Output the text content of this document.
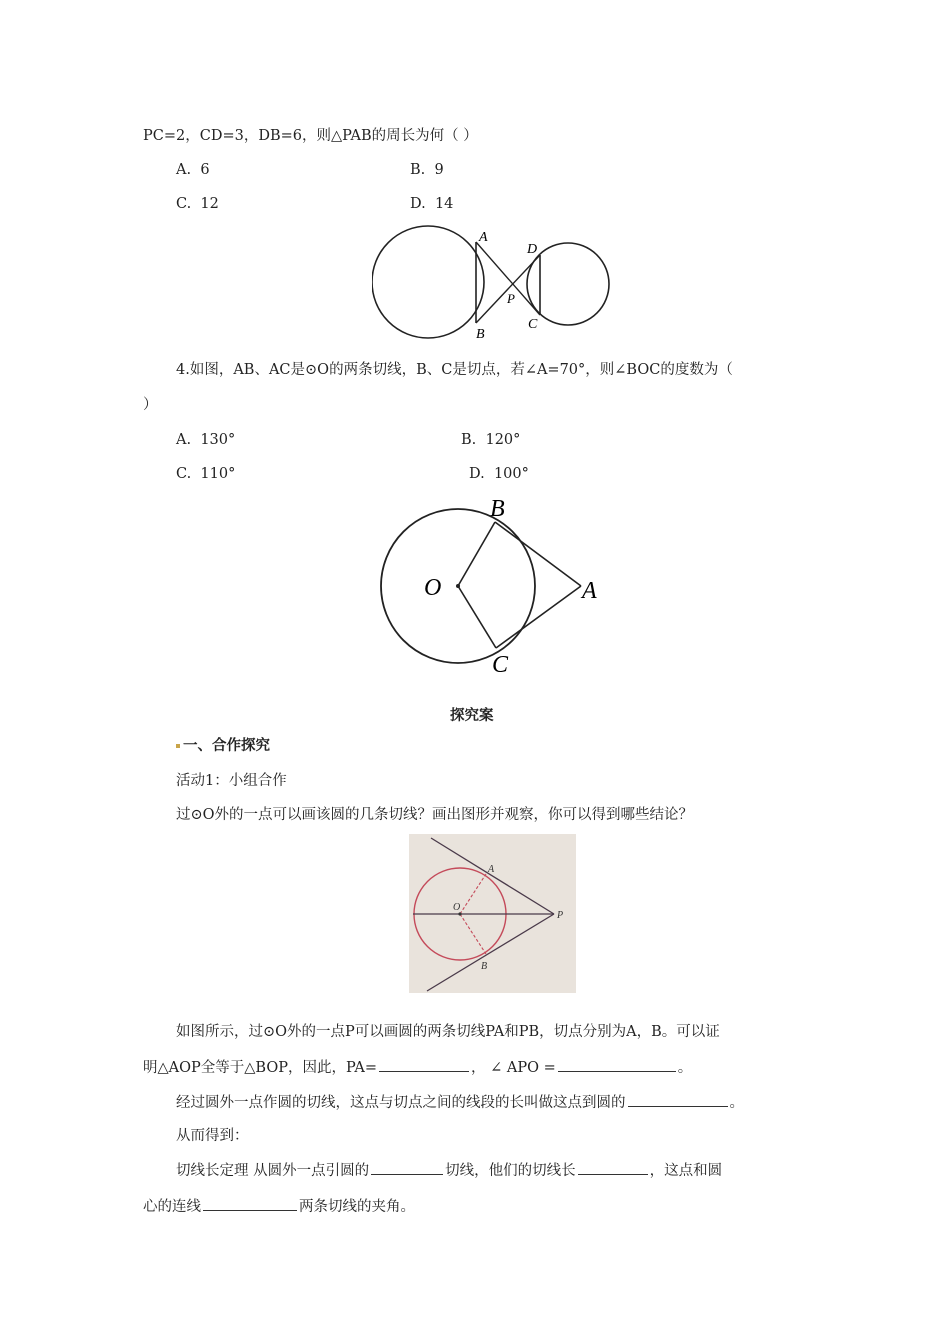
PC=2，CD=3，DB=6，则△PAB的周长为何（ ）
A. 6	B. 9
C. 12	D. 14
A
B
D
C
P
4.如图，AB、AC是⊙O的两条切线，B、C是切点，若∠A=70°，则∠BOC的度数为（
）
A. 130°	B. 120°
C. 110°	D. 100°
B
O	A
C
探究案
一、合作探究
活动1：小组合作
过⊙O外的一点可以画该圆的几条切线？画出图形并观察，你可以得到哪些结论？
A
O
P
B
如图所示，过⊙O外的一点P可以画圆的两条切线PA和PB，切点分别为A，B。可以证
明△AOP全等于△BOP，因此，PA=	， ∠ APO =	。
经过圆外一点作圆的切线，这点与切点之间的线段的长叫做这点到圆的	。
从而得到：
切线长定理 从圆外一点引圆的	切线，他们的切线长	，这点和圆
心的连线	两条切线的夹角。
